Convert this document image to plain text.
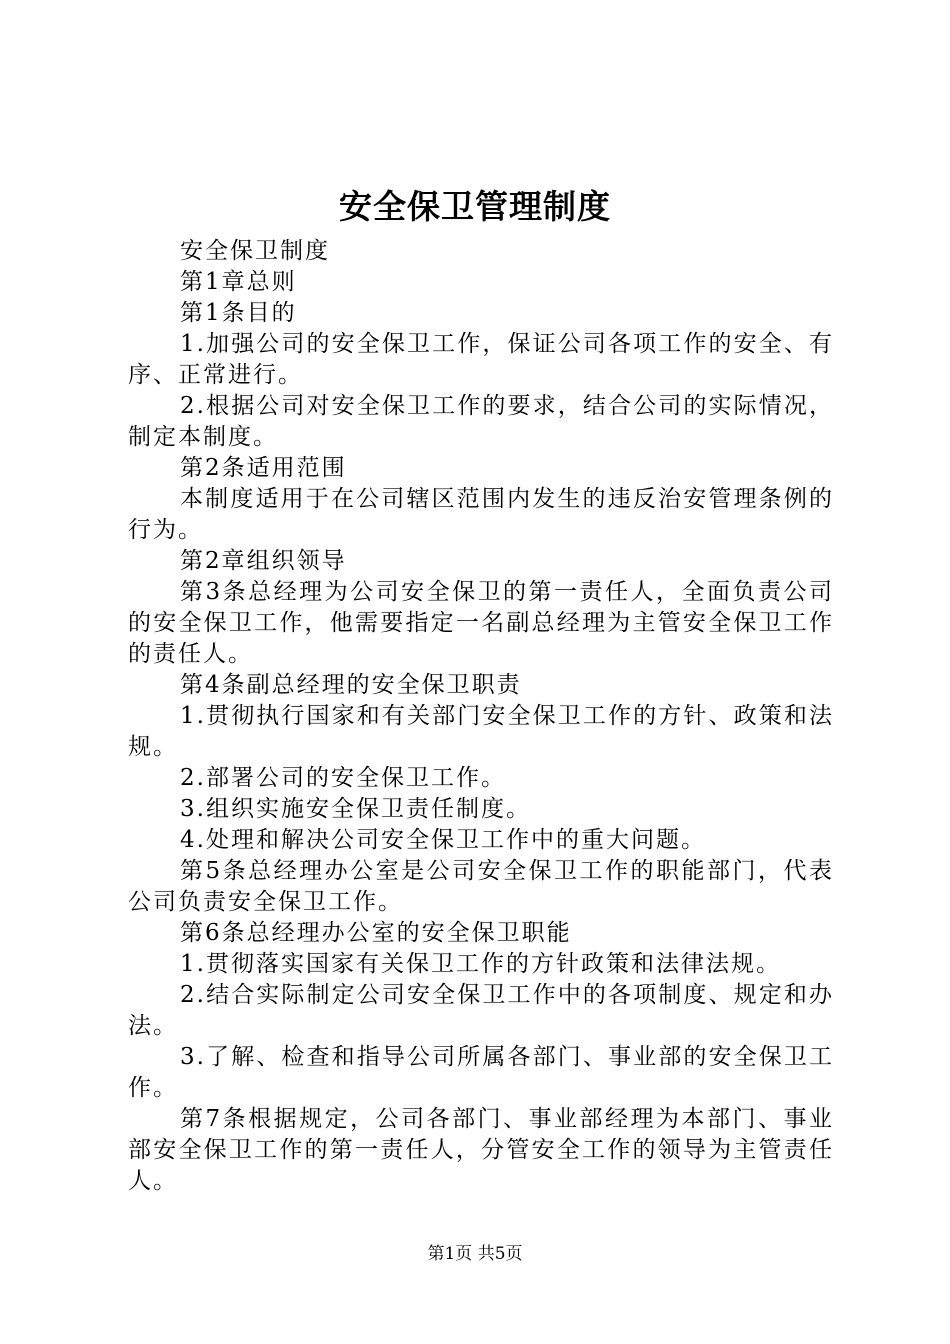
安全保卫管理制度

安全保卫制度

第1章总则

第1条目的

1.加强公司的安全保卫工作，保证公司各项工作的安全、有序、正常进行。

2.根据公司对安全保卫工作的要求，结合公司的实际情况，制定本制度。

第2条适用范围

本制度适用于在公司辖区范围内发生的违反治安管理条例的行为。

第2章组织领导

第3条总经理为公司安全保卫的第一责任人，全面负责公司的安全保卫工作，他需要指定一名副总经理为主管安全保卫工作的责任人。

第4条副总经理的安全保卫职责

1.贯彻执行国家和有关部门安全保卫工作的方针、政策和法规。

2.部署公司的安全保卫工作。

3.组织实施安全保卫责任制度。

4.处理和解决公司安全保卫工作中的重大问题。

第5条总经理办公室是公司安全保卫工作的职能部门，代表公司负责安全保卫工作。

第6条总经理办公室的安全保卫职能

1.贯彻落实国家有关保卫工作的方针政策和法律法规。

2.结合实际制定公司安全保卫工作中的各项制度、规定和办法。

3.了解、检查和指导公司所属各部门、事业部的安全保卫工作。

第7条根据规定，公司各部门、事业部经理为本部门、事业部安全保卫工作的第一责任人，分管安全工作的领导为主管责任人。

第1页 共5页
